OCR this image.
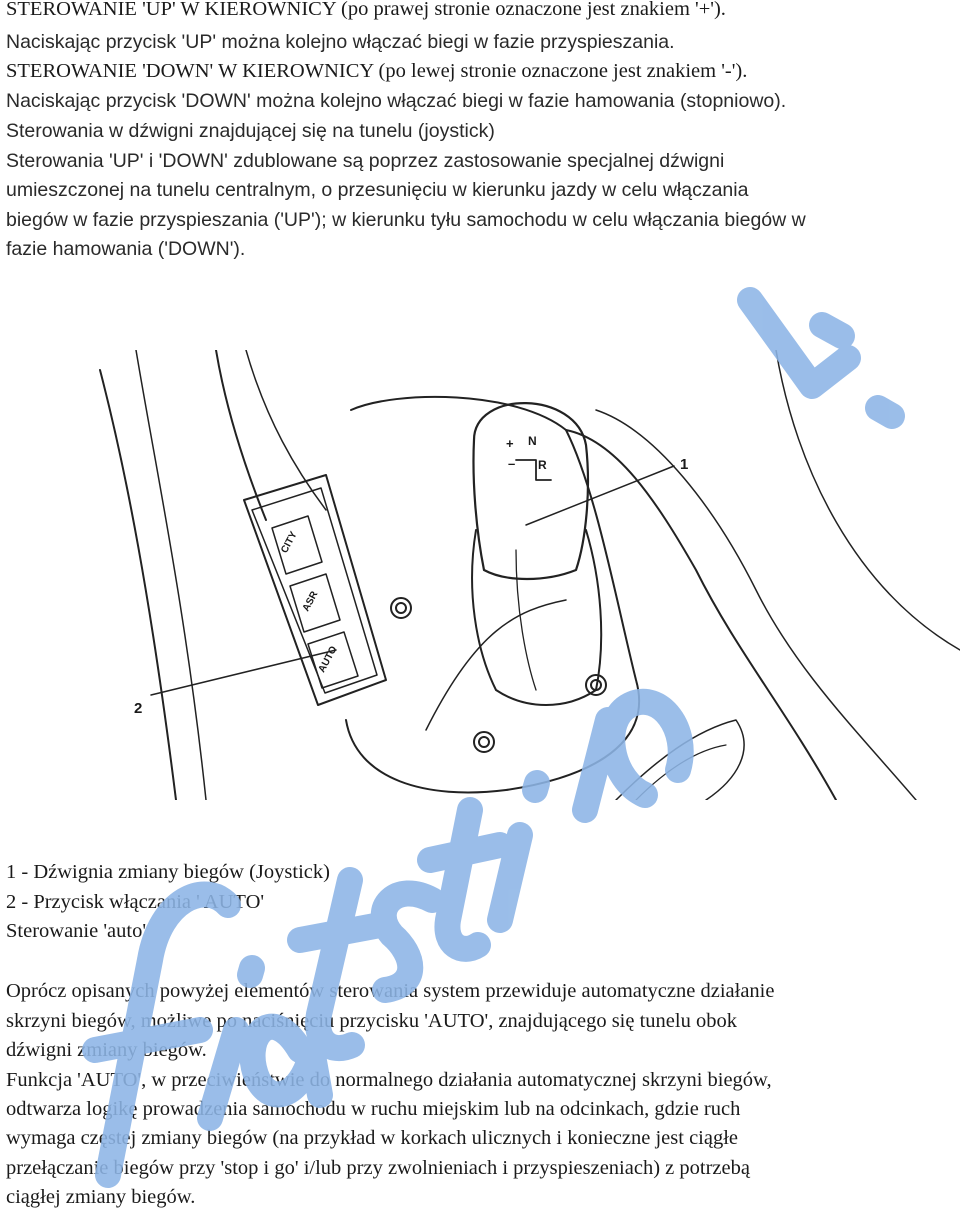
STEROWANIE 'UP' W KIEROWNICY (po prawej stronie oznaczone jest znakiem '+').
Naciskając przycisk 'UP' można kolejno włączać biegi w fazie przyspieszania.
STEROWANIE 'DOWN' W KIEROWNICY (po lewej stronie oznaczone jest znakiem '-').
Naciskając przycisk 'DOWN' można kolejno włączać biegi w fazie hamowania (stopniowo).
Sterowania w dźwigni znajdującej się na tunelu (joystick)
Sterowania 'UP' i 'DOWN' zdublowane są poprzez zastosowanie specjalnej dźwigni
umieszczonej na tunelu centralnym, o przesunięciu w kierunku jazdy w celu włączania
biegów w fazie przyspieszania ('UP'); w kierunku tyłu samochodu w celu włączania biegów w
fazie hamowania ('DOWN').
1
2
CITY
ASR
AUTO
+ N
– R
1 - Dźwignia zmiany biegów (Joystick)
2 - Przycisk włączania ' AUTO'
Sterowanie 'auto'
Oprócz opisanych powyżej elementów sterowania system przewiduje automatyczne działanie
skrzyni biegów, możliwe po naciśnięciu przycisku 'AUTO', znajdującego się tunelu obok
dźwigni zmiany biegów.
Funkcja 'AUTO', w przeciwieństwie do normalnego działania automatycznej skrzyni biegów,
odtwarza logikę prowadzenia samochodu w ruchu miejskim lub na odcinkach, gdzie ruch
wymaga częstej zmiany biegów (na przykład w korkach ulicznych i konieczne jest ciągłe
przełączanie biegów przy 'stop i go' i/lub przy zwolnieniach i przyspieszeniach) z potrzebą
ciągłej zmiany biegów.
